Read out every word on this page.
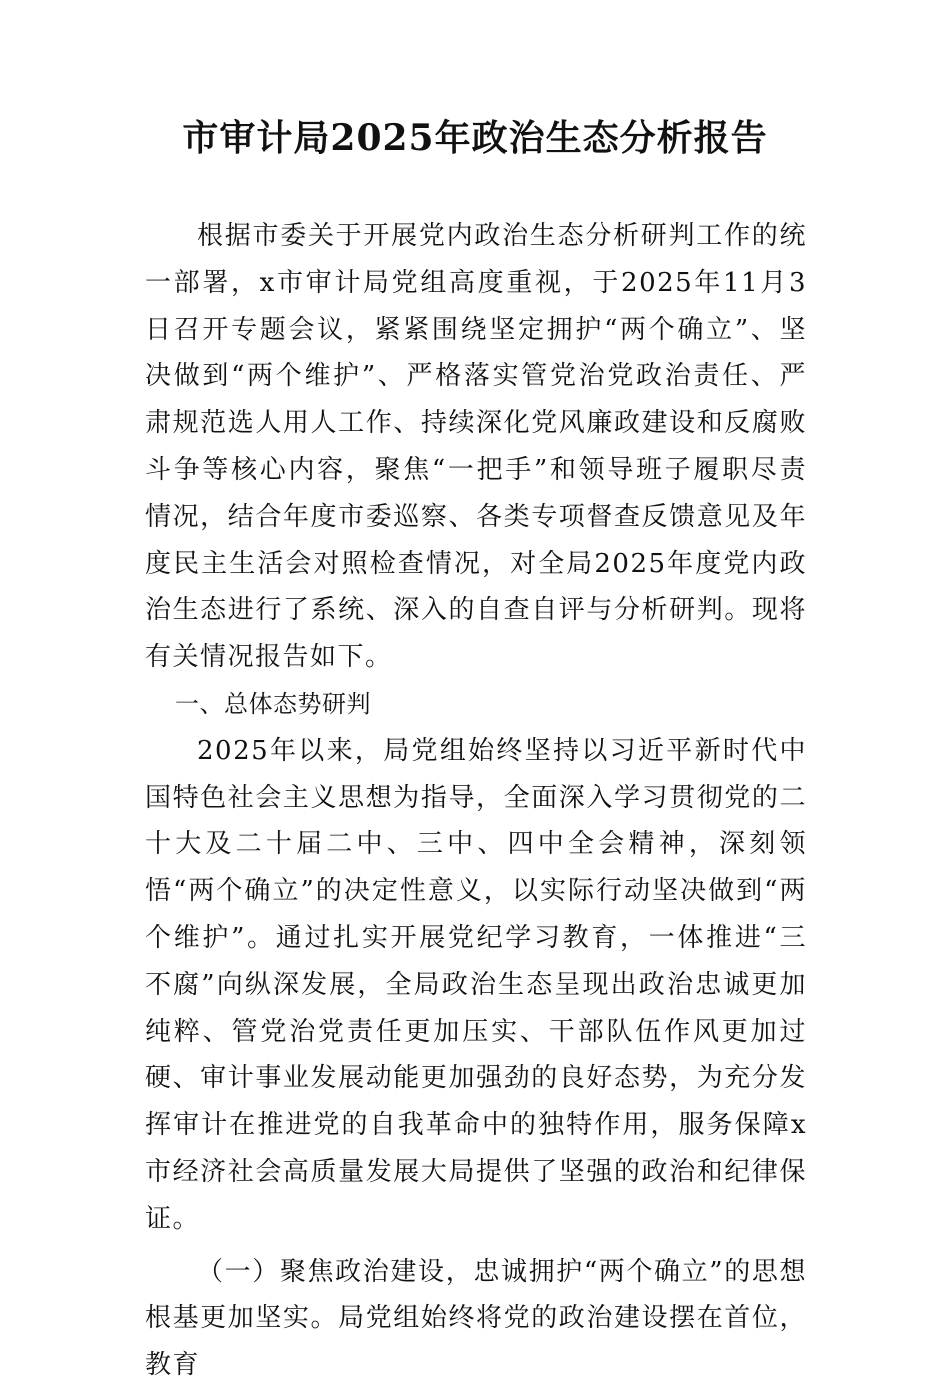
市审计局2025年政治生态分析报告

根据市委关于开展党内政治生态分析研判工作的统一部署，x市审计局党组高度重视，于2025年11月3日召开专题会议，紧紧围绕坚定拥护“两个确立”、坚决做到“两个维护”、严格落实管党治党政治责任、严肃规范选人用人工作、持续深化党风廉政建设和反腐败斗争等核心内容，聚焦“一把手”和领导班子履职尽责情况，结合年度市委巡察、各类专项督查反馈意见及年度民主生活会对照检查情况，对全局2025年度党内政治生态进行了系统、深入的自查自评与分析研判。现将有关情况报告如下。

一、总体态势研判

2025年以来，局党组始终坚持以习近平新时代中国特色社会主义思想为指导，全面深入学习贯彻党的二十大及二十届二中、三中、四中全会精神，深刻领悟“两个确立”的决定性意义，以实际行动坚决做到“两个维护”。通过扎实开展党纪学习教育，一体推进“三不腐”向纵深发展，全局政治生态呈现出政治忠诚更加纯粹、管党治党责任更加压实、干部队伍作风更加过硬、审计事业发展动能更加强劲的良好态势，为充分发挥审计在推进党的自我革命中的独特作用，服务保障x市经济社会高质量发展大局提供了坚强的政治和纪律保证。

（一）聚焦政治建设，忠诚拥护“两个确立”的思想根基更加坚实。局党组始终将党的政治建设摆在首位，教育
